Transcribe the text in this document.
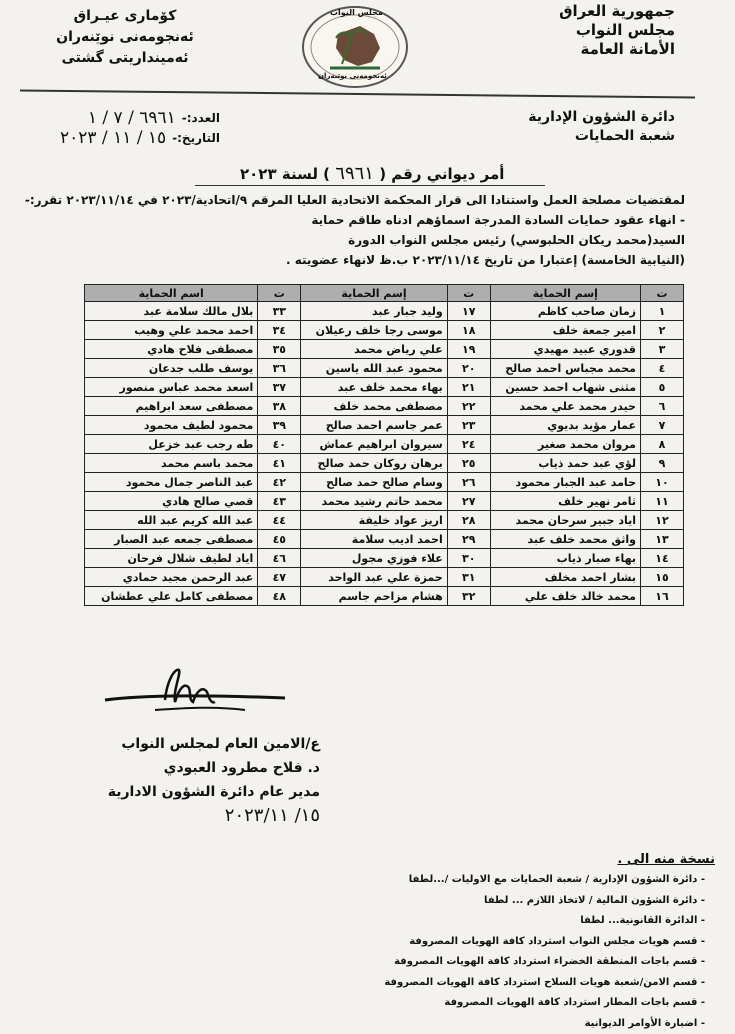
جمهورية العراق
مجلس النواب
الأمانة العامة
مجلس النواب
ئەنجومەنی نوێنەران
كۆماری عيـراق
ئەنجومەنی نوێنەران
ئەمینداریتی گشتی
دائرة الشؤون الإدارية
شعبة الحمايات
العدد:-
٦٩٦١ / ٧ / ١
التاريخ:-
١٥ / ١١ / ٢٠٢٣
أمر ديواني رقم ( ٦٩٦١ ) لسنة ٢٠٢٣
لمقتضيات مصلحة العمل واستنادا الى قرار المحكمة الاتحادية العليا المرقم ٩/اتحادية/٢٠٢٣ في ٢٠٢٣/١١/١٤ تقرر:-
- انهاء عقود حمايات السادة المدرجة اسماؤهم ادناه طاقم حماية
السيد(محمد ريكان الحلبوسي) رئيس مجلس النواب الدورة
(النيابية الخامسة) إعتبارا من تاريخ ٢٠٢٣/١١/١٤ ب.ظ لانهاء عضويته .
ت	إسم الحماية	ت	إسم الحماية	ت	اسم الحماية
١	زمان صاحب كاظم	١٧	وليد جبار عبد	٣٣	بلال مالك سلامة عبد
٢	امير جمعة خلف	١٨	موسى رجا خلف رعيلان	٣٤	احمد محمد علي وهيب
٣	قدوري عبيد مهيدي	١٩	علي رياض محمد	٣٥	مصطفى فلاح هادي
٤	محمد مجباس احمد صالح	٢٠	محمود عبد الله ياسين	٣٦	يوسف طلب جدعان
٥	مثنى شهاب احمد حسين	٢١	بهاء محمد خلف عبد	٣٧	اسعد محمد عباس منصور
٦	حيدر محمد علي محمد	٢٢	مصطفى محمد خلف	٣٨	مصطفى سعد ابراهيم
٧	عمار مؤيد بديوي	٢٣	عمر جاسم احمد صالح	٣٩	محمود لطيف محمود
٨	مروان محمد صغير	٢٤	سيروان ابراهيم عماش	٤٠	طه رجب عبد خزعل
٩	لؤي عبد حمد ذياب	٢٥	برهان روكان حمد صالح	٤١	محمد باسم محمد
١٠	حامد عبد الجبار محمود	٢٦	وسام صالح حمد صالح	٤٢	عبد الناصر جمال محمود
١١	ثامر نهير خلف	٢٧	محمد حاتم رشيد محمد	٤٣	قصي صالح هادي
١٢	اياد جبير سرحان محمد	٢٨	اريز عواد خليفة	٤٤	عبد الله كريم عبد الله
١٣	واثق محمد خلف عبد	٢٩	احمد اديب سلامة	٤٥	مصطفى جمعه عبد الصبار
١٤	بهاء صبار ذياب	٣٠	علاء فوزي مجول	٤٦	اياد لطيف شلال فرحان
١٥	بشار احمد مخلف	٣١	حمزة علي عبد الواحد	٤٧	عبد الرحمن مجيد حمادي
١٦	محمد خالد خلف علي	٣٢	هشام مزاحم جاسم	٤٨	مصطفى كامل علي عطشان
ع/الامين العام لمجلس النواب
د. فلاح مطرود العبودي
مدير عام دائرة الشؤون الادارية
١٥/ ٢٠٢٣/١١
نسخة منه الى .
- دائرة الشؤون الإدارية / شعبة الحمايات مع الاوليات /...لطفا
- دائرة الشؤون المالية / لاتخاذ اللازم ... لطفا
- الدائرة القانونية... لطفا
- قسم هويات مجلس النواب استرداد كافة الهويات المصروفة
- قسم باجات المنطقة الخضراء استرداد كافة الهويات المصروفة
- قسم الامن/شعبة هويات السلاح استرداد كافة الهويات المصروفة
- قسم باجات المطار استرداد كافة الهويات المصروفة
- اضبارة الأوامر الديوانية
